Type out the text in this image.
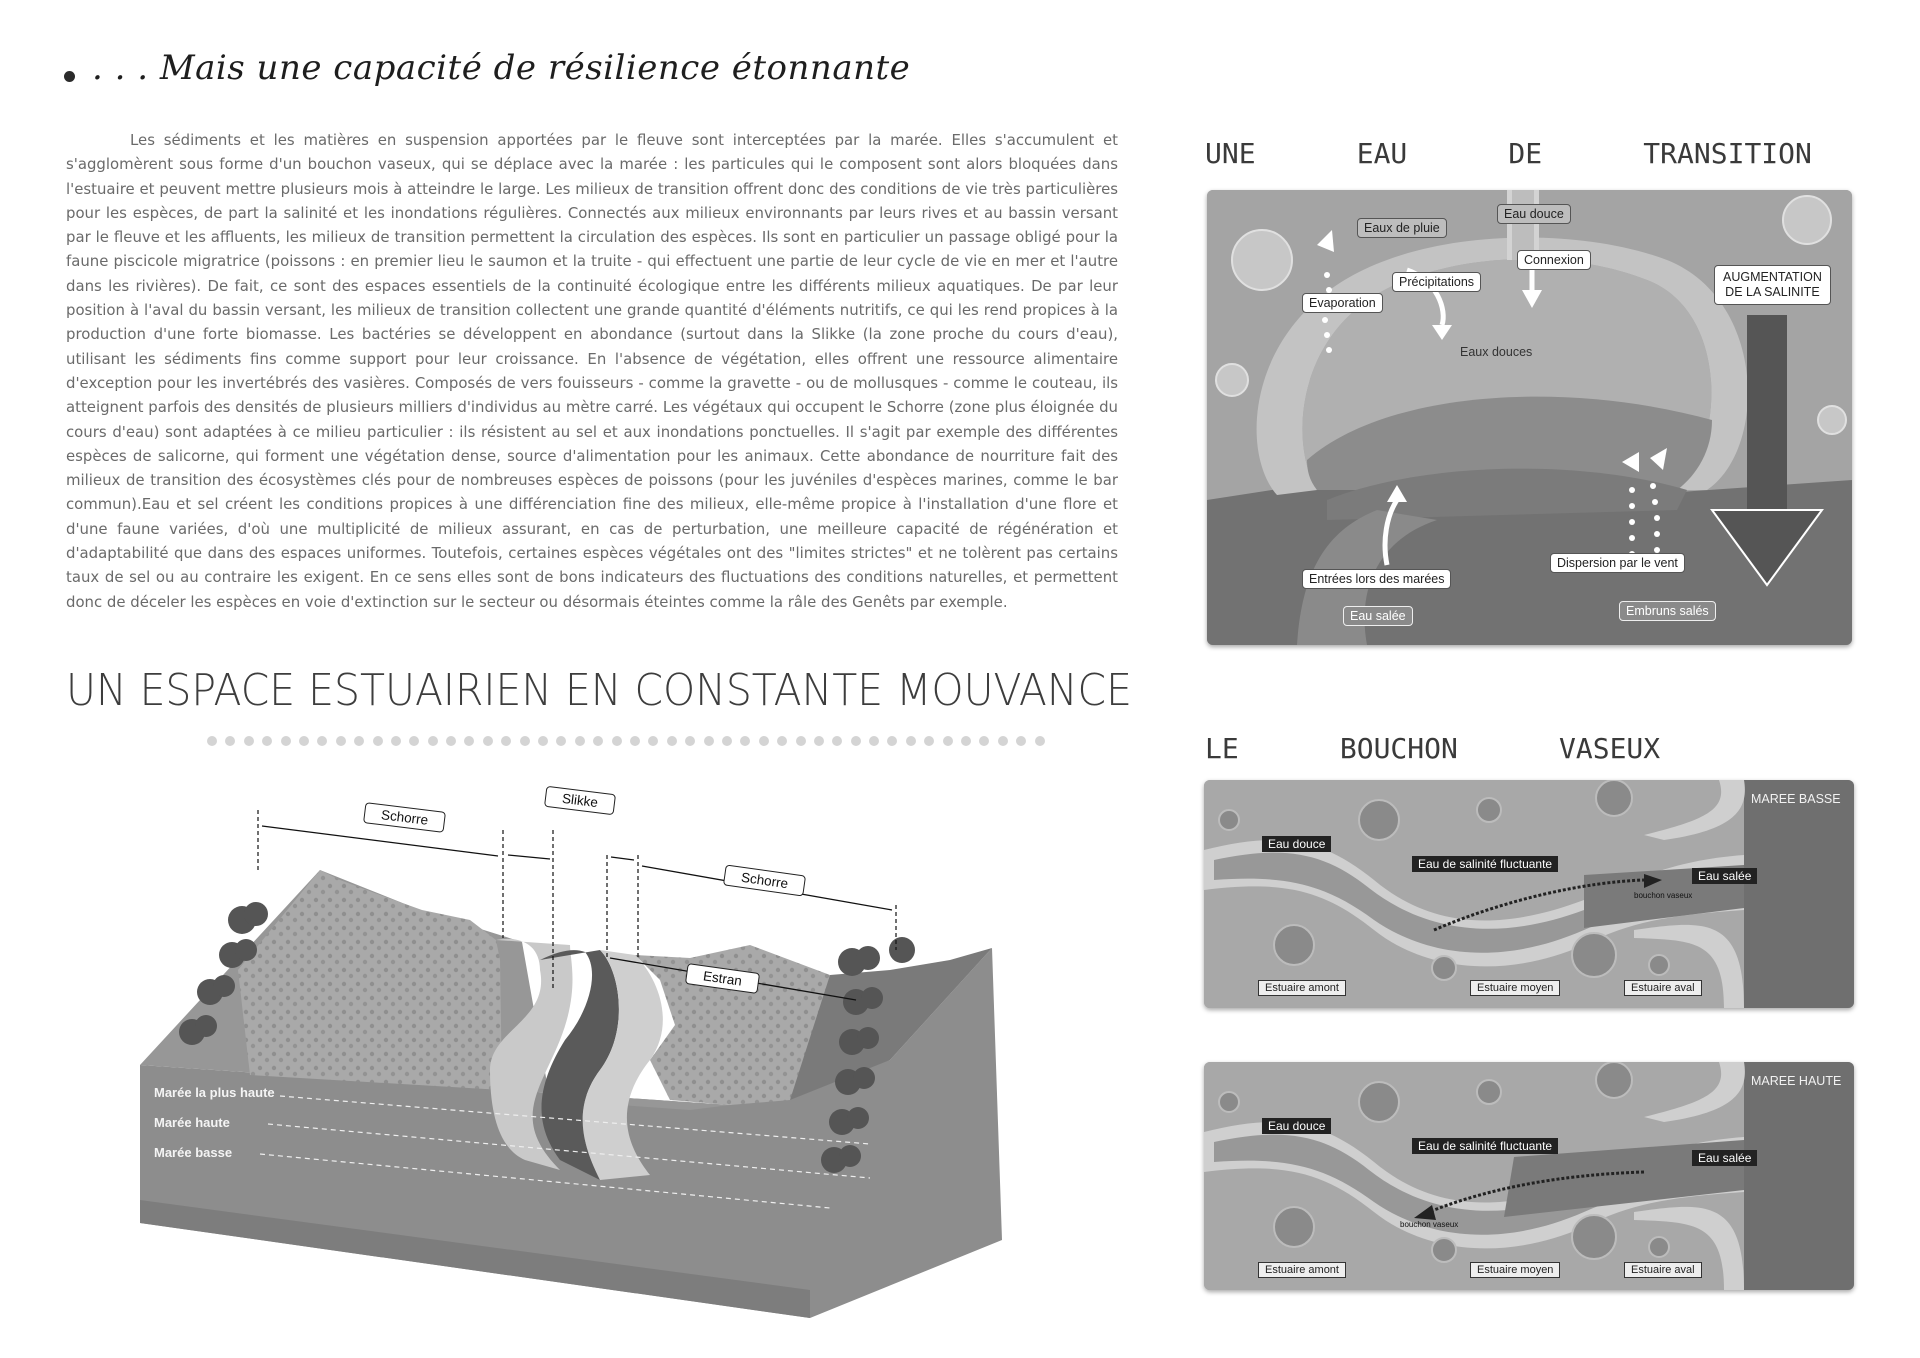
. . . Mais une capacité de résilience étonnante

Les sédiments et les matières en suspension apportées par le fleuve sont interceptées par la marée. Elles s'accumulent et s'agglomèrent sous forme d'un bouchon vaseux, qui se déplace avec la marée : les particules qui le composent sont alors bloquées dans l'estuaire et peuvent mettre plusieurs mois à atteindre le large. Les milieux de transition offrent donc des conditions de vie très particulières pour les espèces, de part la salinité et les inondations régulières. Connectés aux milieux environnants par leurs rives et au bassin versant par le fleuve et les affluents, les milieux de transition permettent la circulation des espèces. Ils sont en particulier un passage obligé pour la faune piscicole migratrice (poissons : en premier lieu le saumon et la truite - qui effectuent une partie de leur cycle de vie en mer et l'autre dans les rivières). De fait, ce sont des espaces essentiels de la continuité écologique entre les différents milieux aquatiques. De par leur position à l'aval du bassin versant, les milieux de transition collectent une grande quantité d'éléments nutritifs, ce qui les rend propices à la production d'une forte biomasse. Les bactéries se développent en abondance (surtout dans la Slikke (la zone proche du cours d'eau), utilisant les sédiments fins comme support pour leur croissance. En l'absence de végétation, elles offrent une ressource alimentaire d'exception pour les invertébrés des vasières. Composés de vers fouisseurs - comme la gravette - ou de mollusques - comme le couteau, ils atteignent parfois des densités de plusieurs milliers d'individus au mètre carré. Les végétaux qui occupent le Schorre (zone plus éloignée du cours d'eau) sont adaptées à ce milieu particulier : ils résistent au sel et aux inondations ponctuelles. Il s'agit par exemple des différentes espèces de salicorne, qui forment une végétation dense, source d'alimentation pour les animaux. Cette abondance de nourriture fait des milieux de transition des écosystèmes clés pour de nombreuses espèces de poissons (pour les juvéniles d'espèces marines, comme le bar commun).Eau et sel créent les conditions propices à une différenciation fine des milieux, elle-même propice à l'installation d'une flore et d'une faune variées, d'où une multiplicité de milieux assurant, en cas de perturbation, une meilleure capacité de régénération et d'adaptabilité que dans des espaces uniformes. Toutefois, certaines espèces végétales ont des "limites strictes" et ne tolèrent pas certains taux de sel ou au contraire les exigent. En ce sens elles sont de bons indicateurs des fluctuations des conditions naturelles, et permettent donc de déceler les espèces en voie d'extinction sur le secteur ou désormais éteintes comme la râle des Genêts par exemple.

UN ESPACE ESTUAIRIEN EN CONSTANTE MOUVANCE
Schorre
Slikke
Schorre
Estran
Marée la plus haute
Marée haute
Marée basse
UNE      EAU      DE      TRANSITION
Eaux de pluie
Eau douce
Connexion
Précipitations
Evaporation
Eaux douces
AUGMENTATION
DE LA SALINITE
Entrées lors des marées
Dispersion par le vent
Eau salée	Embruns salés
LE      BOUCHON      VASEUX
MAREE BASSE
Eau douce
Eau de salinité fluctuante
Eau salée
bouchon vaseux
Estuaire amont	Estuaire moyen	Estuaire aval
MAREE HAUTE
Eau douce
Eau de salinité fluctuante
Eau salée
bouchon vaseux
Estuaire amont	Estuaire moyen	Estuaire aval
